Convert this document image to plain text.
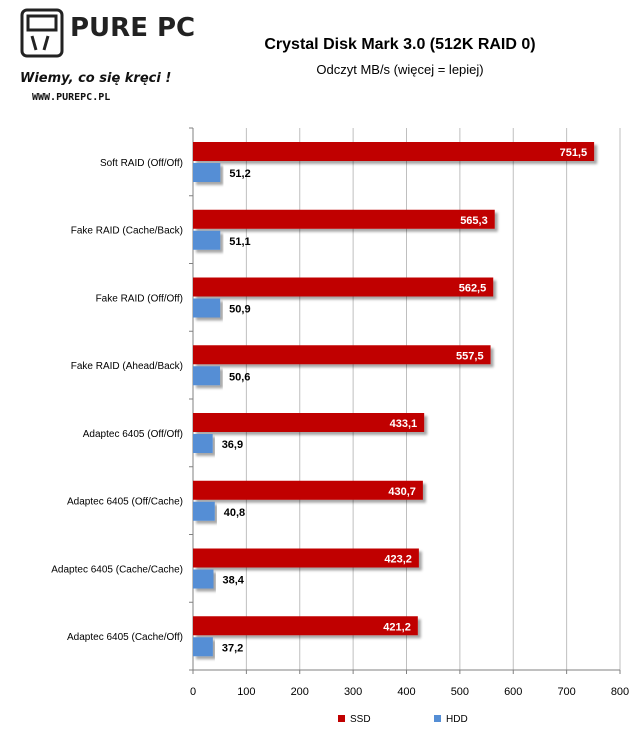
PURE PC
Wiemy, co się kręci !
WWW.PUREPC.PL
Crystal Disk Mark 3.0 (512K RAID 0)
Odczyt MB/s (więcej = lepiej)
751,5
51,2
565,3
51,1
562,5
50,9
557,5
50,6
433,1
36,9
430,7
40,8
423,2
38,4
421,2
37,2
0	100	200	300	400	500	600	700	800
Soft RAID (Off/Off)
Fake RAID (Cache/Back)
Fake RAID (Off/Off)
Fake RAID (Ahead/Back)
Adaptec 6405 (Off/Off)
Adaptec 6405 (Off/Cache)
Adaptec 6405 (Cache/Cache)
Adaptec 6405 (Cache/Off)
SSD	HDD
